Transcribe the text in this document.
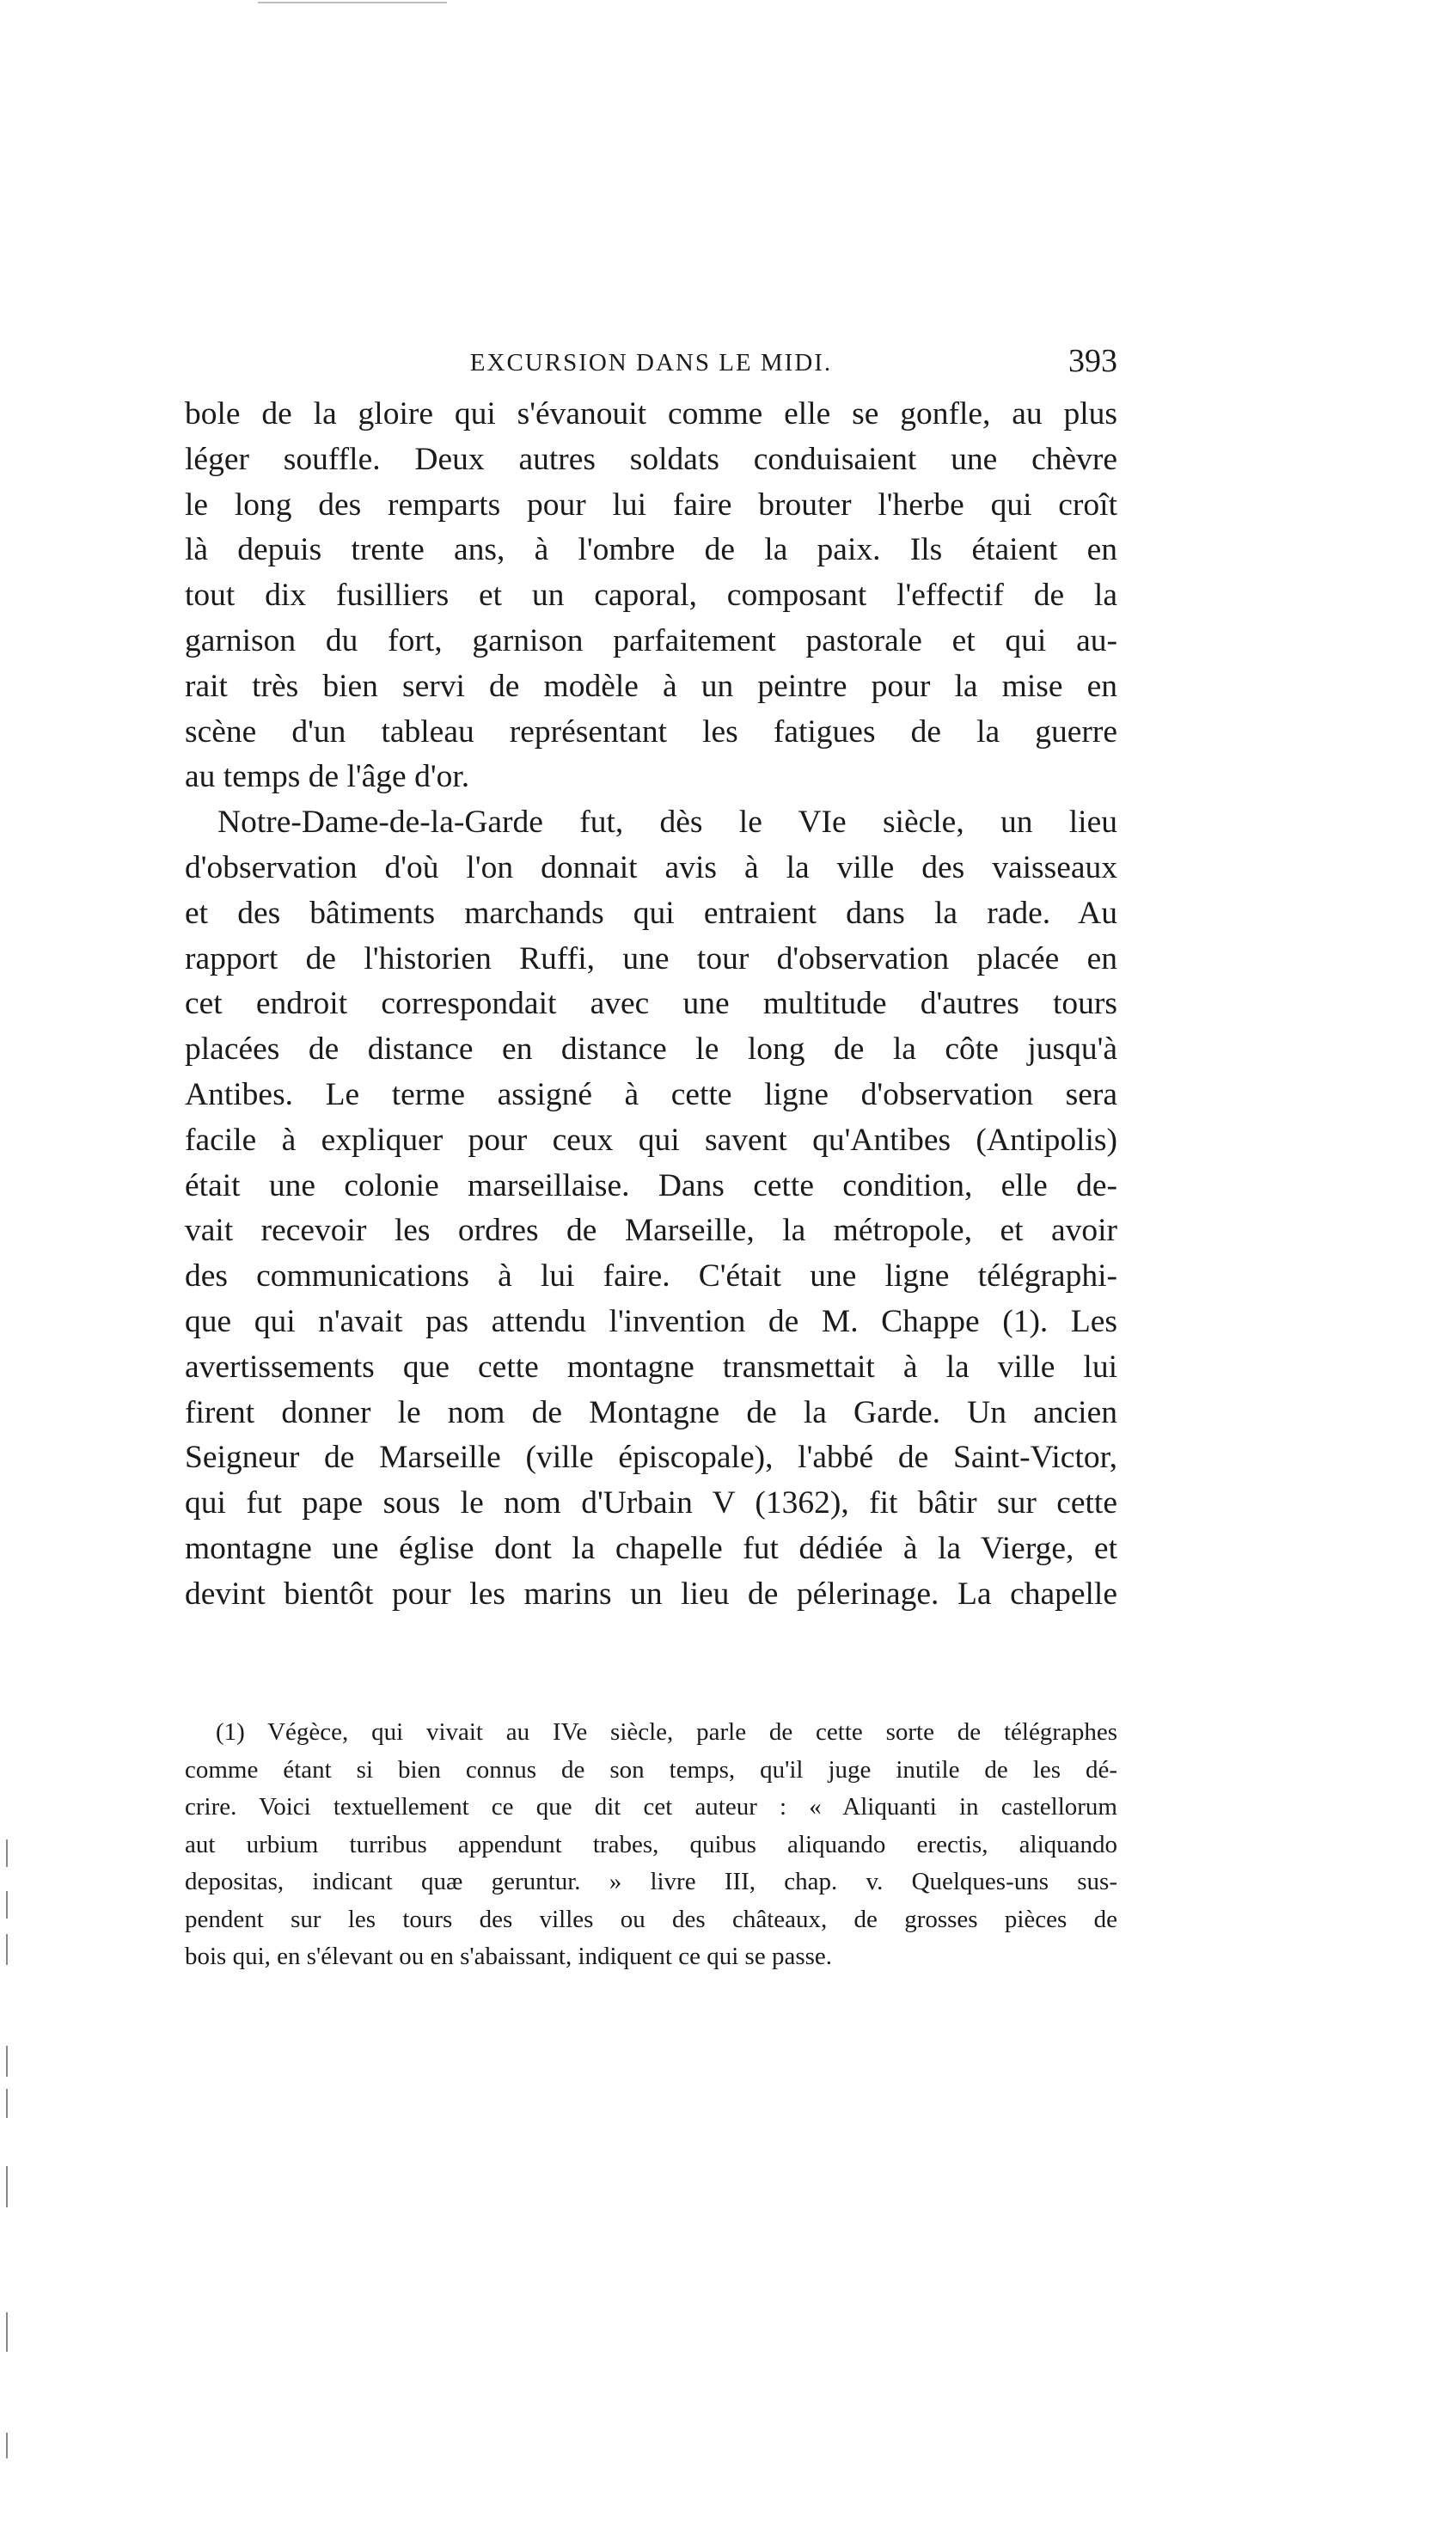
EXCURSION DANS LE MIDI.	393
bole de la gloire qui s'évanouit comme elle se gonfle, au plus
léger souffle. Deux autres soldats conduisaient une chèvre
le long des remparts pour lui faire brouter l'herbe qui croît
là depuis trente ans, à l'ombre de la paix. Ils étaient en
tout dix fusilliers et un caporal, composant l'effectif de la
garnison du fort, garnison parfaitement pastorale et qui au-
rait très bien servi de modèle à un peintre pour la mise en
scène d'un tableau représentant les fatigues de la guerre
au temps de l'âge d'or.
Notre-Dame-de-la-Garde fut, dès le VIe siècle, un lieu
d'observation d'où l'on donnait avis à la ville des vaisseaux
et des bâtiments marchands qui entraient dans la rade. Au
rapport de l'historien Ruffi, une tour d'observation placée en
cet endroit correspondait avec une multitude d'autres tours
placées de distance en distance le long de la côte jusqu'à
Antibes. Le terme assigné à cette ligne d'observation sera
facile à expliquer pour ceux qui savent qu'Antibes (Antipolis)
était une colonie marseillaise. Dans cette condition, elle de-
vait recevoir les ordres de Marseille, la métropole, et avoir
des communications à lui faire. C'était une ligne télégraphi-
que qui n'avait pas attendu l'invention de M. Chappe (1). Les
avertissements que cette montagne transmettait à la ville lui
firent donner le nom de Montagne de la Garde. Un ancien
Seigneur de Marseille (ville épiscopale), l'abbé de Saint-Victor,
qui fut pape sous le nom d'Urbain V (1362), fit bâtir sur cette
montagne une église dont la chapelle fut dédiée à la Vierge, et
devint bientôt pour les marins un lieu de pélerinage. La chapelle
(1) Végèce, qui vivait au IVe siècle, parle de cette sorte de télégraphes
comme étant si bien connus de son temps, qu'il juge inutile de les dé-
crire. Voici textuellement ce que dit cet auteur : « Aliquanti in castellorum
aut urbium turribus appendunt trabes, quibus aliquando erectis, aliquando
depositas, indicant quæ geruntur. » livre III, chap. v. Quelques-uns sus-
pendent sur les tours des villes ou des châteaux, de grosses pièces de
bois qui, en s'élevant ou en s'abaissant, indiquent ce qui se passe.
